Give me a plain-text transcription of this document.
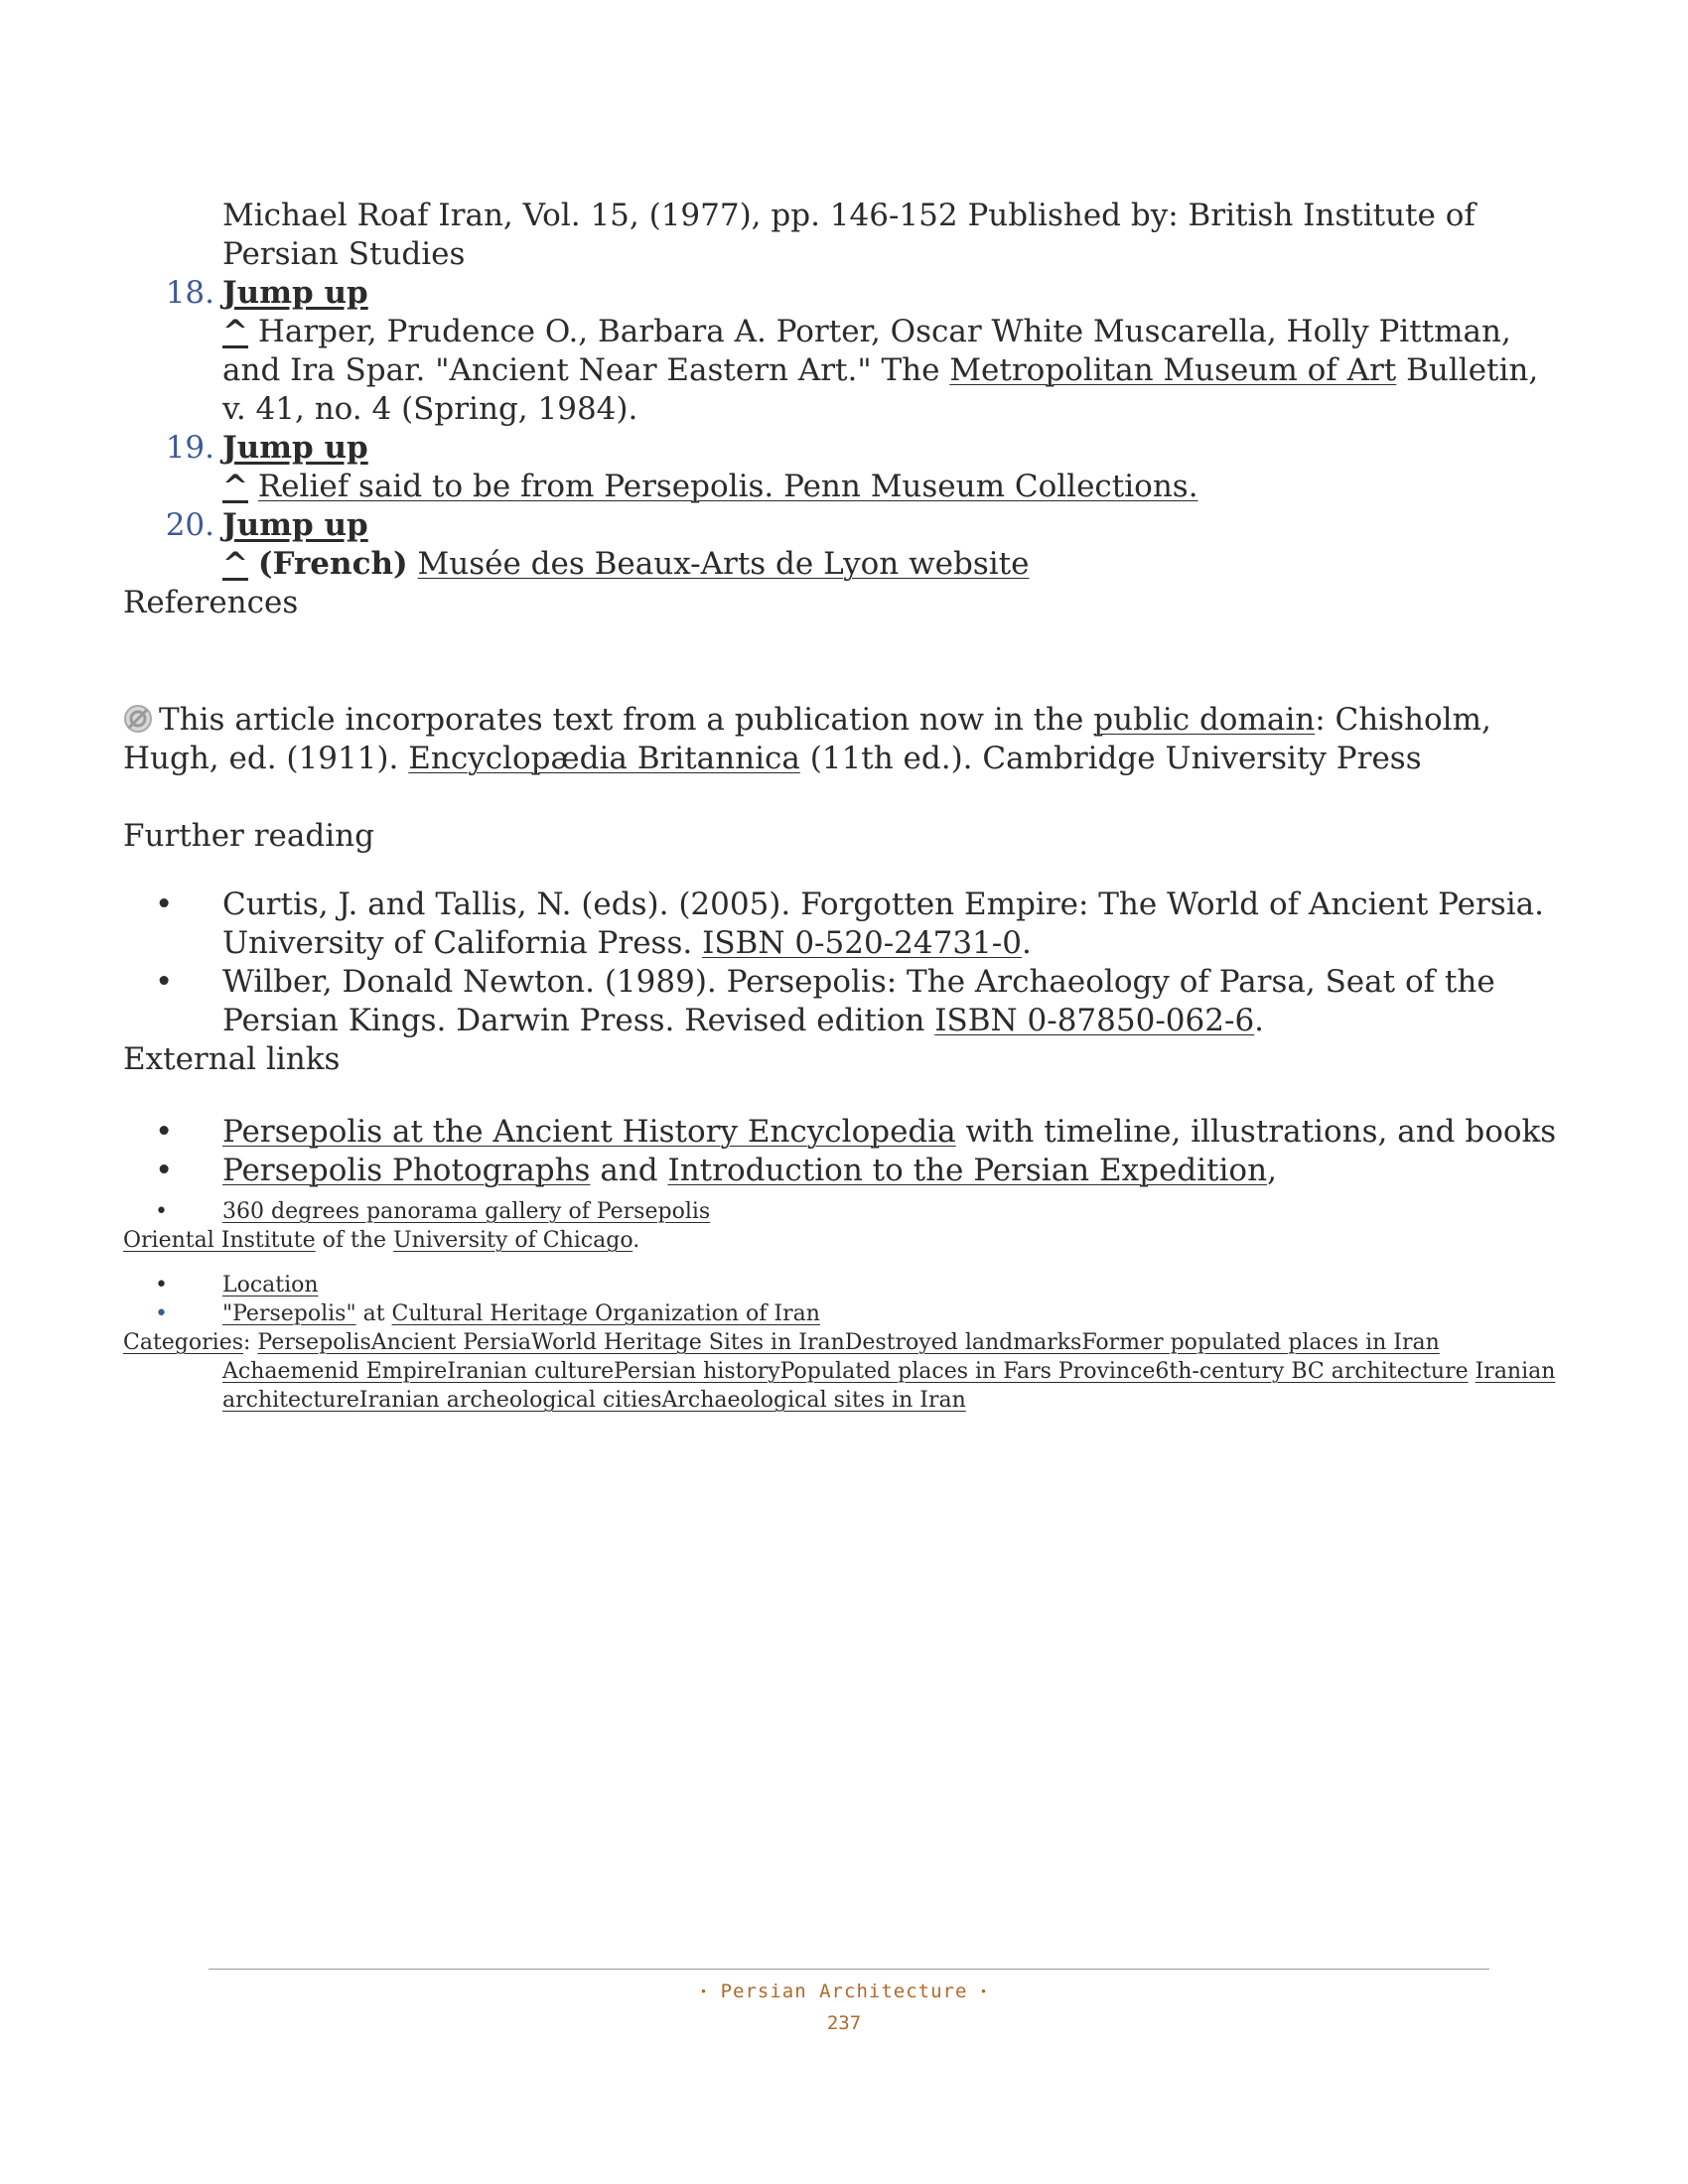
Michael Roaf Iran, Vol. 15, (1977), pp. 146-152 Published by: British Institute of Persian Studies
18. Jump up
^ Harper, Prudence O., Barbara A. Porter, Oscar White Muscarella, Holly Pittman, and Ira Spar. "Ancient Near Eastern Art." The Metropolitan Museum of Art Bulletin, v. 41, no. 4 (Spring, 1984).
19. Jump up
^ Relief said to be from Persepolis. Penn Museum Collections.
20. Jump up
^ (French) Musée des Beaux-Arts de Lyon website
References
This article incorporates text from a publication now in the public domain: Chisholm, Hugh, ed. (1911). Encyclopædia Britannica (11th ed.). Cambridge University Press
Further reading
• Curtis, J. and Tallis, N. (eds). (2005). Forgotten Empire: The World of Ancient Persia. University of California Press. ISBN 0-520-24731-0.
• Wilber, Donald Newton. (1989). Persepolis: The Archaeology of Parsa, Seat of the Persian Kings. Darwin Press. Revised edition ISBN 0-87850-062-6.
External links
• Persepolis at the Ancient History Encyclopedia with timeline, illustrations, and books
• Persepolis Photographs and Introduction to the Persian Expedition,
•	360 degrees panorama gallery of Persepolis
Oriental Institute of the University of Chicago.
•	Location
•	"Persepolis" at Cultural Heritage Organization of Iran
Categories: PersepolisAncient PersiaWorld Heritage Sites in IranDestroyed landmarksFormer populated places in Iran Achaemenid EmpireIranian culturePersian historyPopulated places in Fars Province6th-century BC architecture Iranian architectureIranian archeological citiesArchaeological sites in Iran
• Persian Architecture •
237
